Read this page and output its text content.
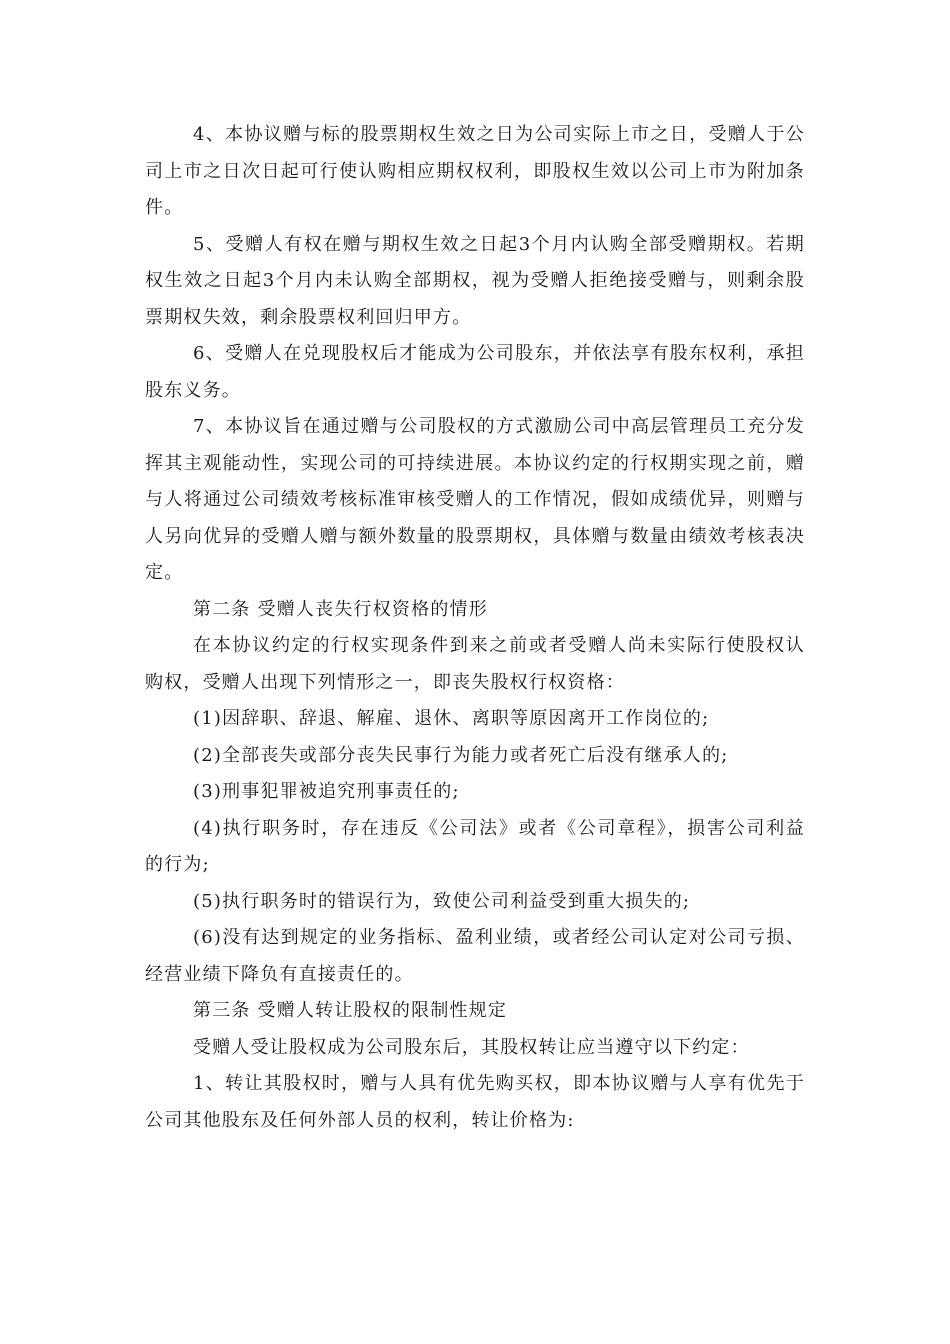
4、本协议赠与标的股票期权生效之日为公司实际上市之日，受赠人于公司上市之日次日起可行使认购相应期权权利，即股权生效以公司上市为附加条件。

5、受赠人有权在赠与期权生效之日起3个月内认购全部受赠期权。若期权生效之日起3个月内未认购全部期权，视为受赠人拒绝接受赠与，则剩余股票期权失效，剩余股票权利回归甲方。

6、受赠人在兑现股权后才能成为公司股东，并依法享有股东权利，承担股东义务。

7、本协议旨在通过赠与公司股权的方式激励公司中高层管理员工充分发挥其主观能动性，实现公司的可持续进展。本协议约定的行权期实现之前，赠与人将通过公司绩效考核标准审核受赠人的工作情况，假如成绩优异，则赠与人另向优异的受赠人赠与额外数量的股票期权，具体赠与数量由绩效考核表决定。

第二条 受赠人丧失行权资格的情形

在本协议约定的行权实现条件到来之前或者受赠人尚未实际行使股权认购权，受赠人出现下列情形之一，即丧失股权行权资格：

(1)因辞职、辞退、解雇、退休、离职等原因离开工作岗位的;

(2)全部丧失或部分丧失民事行为能力或者死亡后没有继承人的;

(3)刑事犯罪被追究刑事责任的;

(4)执行职务时，存在违反《公司法》或者《公司章程》，损害公司利益的行为;

(5)执行职务时的错误行为，致使公司利益受到重大损失的;

(6)没有达到规定的业务指标、盈利业绩，或者经公司认定对公司亏损、经营业绩下降负有直接责任的。

第三条 受赠人转让股权的限制性规定

受赠人受让股权成为公司股东后，其股权转让应当遵守以下约定：

1、转让其股权时，赠与人具有优先购买权，即本协议赠与人享有优先于公司其他股东及任何外部人员的权利，转让价格为:
